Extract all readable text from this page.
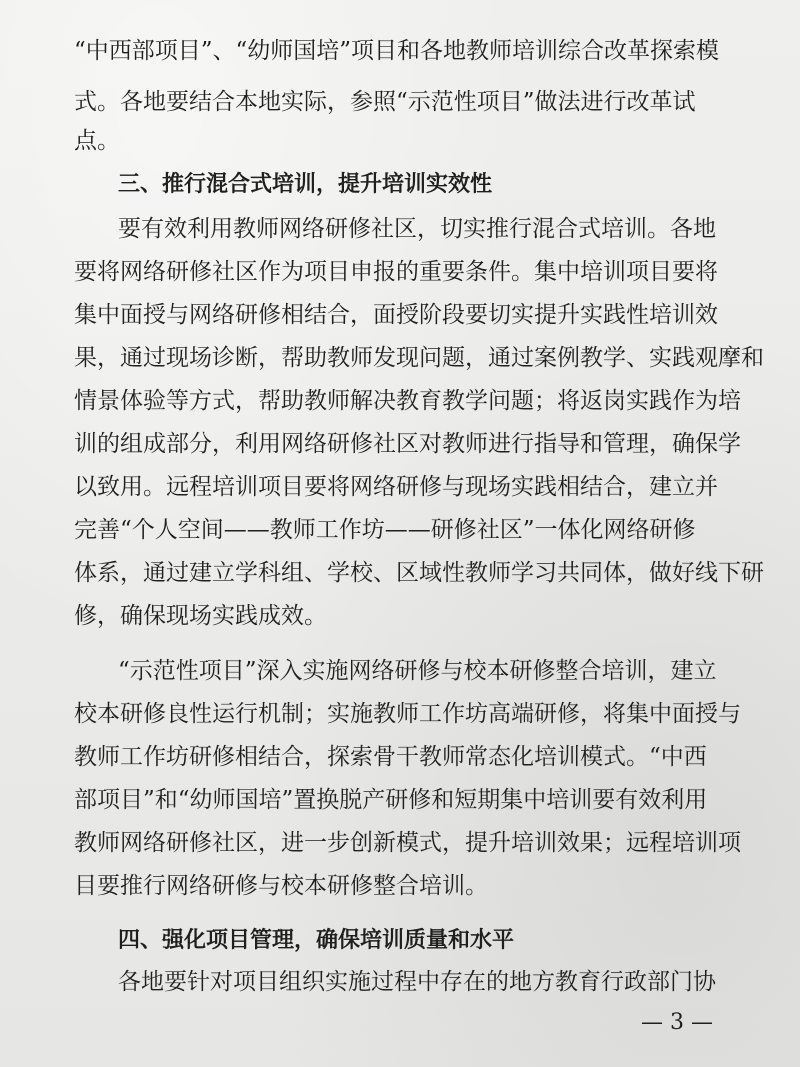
“中西部项目”、“幼师国培”项目和各地教师培训综合改革探索模

式。各地要结合本地实际，参照“示范性项目”做法进行改革试

点。

三、推行混合式培训，提升培训实效性

要有效利用教师网络研修社区，切实推行混合式培训。各地

要将网络研修社区作为项目申报的重要条件。集中培训项目要将

集中面授与网络研修相结合，面授阶段要切实提升实践性培训效

果，通过现场诊断，帮助教师发现问题，通过案例教学、实践观摩和

情景体验等方式，帮助教师解决教育教学问题；将返岗实践作为培

训的组成部分，利用网络研修社区对教师进行指导和管理，确保学

以致用。远程培训项目要将网络研修与现场实践相结合，建立并

完善“个人空间——教师工作坊——研修社区”一体化网络研修

体系，通过建立学科组、学校、区域性教师学习共同体，做好线下研

修，确保现场实践成效。

“示范性项目”深入实施网络研修与校本研修整合培训，建立

校本研修良性运行机制；实施教师工作坊高端研修，将集中面授与

教师工作坊研修相结合，探索骨干教师常态化培训模式。“中西

部项目”和“幼师国培”置换脱产研修和短期集中培训要有效利用

教师网络研修社区，进一步创新模式，提升培训效果；远程培训项

目要推行网络研修与校本研修整合培训。

四、强化项目管理，确保培训质量和水平

各地要针对项目组织实施过程中存在的地方教育行政部门协

— 3 —
